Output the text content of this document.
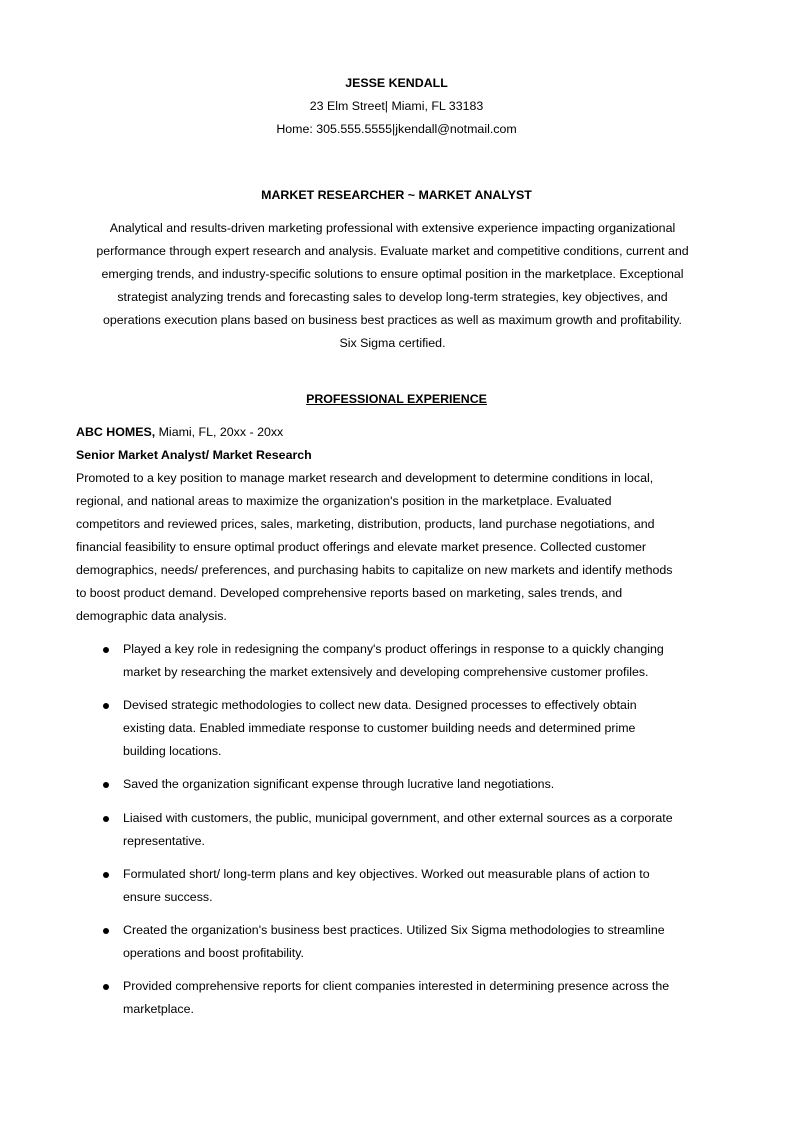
JESSE KENDALL
23 Elm Street| Miami, FL 33183
Home: 305.555.5555|jkendall@notmail.com
MARKET RESEARCHER ~ MARKET ANALYST
Analytical and results-driven marketing professional with extensive experience impacting organizational
performance through expert research and analysis. Evaluate market and competitive conditions, current and
emerging trends, and industry-specific solutions to ensure optimal position in the marketplace. Exceptional
strategist analyzing trends and forecasting sales to develop long-term strategies, key objectives, and
operations execution plans based on business best practices as well as maximum growth and profitability.
Six Sigma certified.
PROFESSIONAL EXPERIENCE
ABC HOMES, Miami, FL, 20xx - 20xx
Senior Market Analyst/ Market Research
Promoted to a key position to manage market research and development to determine conditions in local,
regional, and national areas to maximize the organization's position in the marketplace. Evaluated
competitors and reviewed prices, sales, marketing, distribution, products, land purchase negotiations, and
financial feasibility to ensure optimal product offerings and elevate market presence. Collected customer
demographics, needs/ preferences, and purchasing habits to capitalize on new markets and identify methods
to boost product demand. Developed comprehensive reports based on marketing, sales trends, and
demographic data analysis.
Played a key role in redesigning the company's product offerings in response to a quickly changing
market by researching the market extensively and developing comprehensive customer profiles.
Devised strategic methodologies to collect new data. Designed processes to effectively obtain
existing data. Enabled immediate response to customer building needs and determined prime
building locations.
Saved the organization significant expense through lucrative land negotiations.
Liaised with customers, the public, municipal government, and other external sources as a corporate
representative.
Formulated short/ long-term plans and key objectives. Worked out measurable plans of action to
ensure success.
Created the organization's business best practices. Utilized Six Sigma methodologies to streamline
operations and boost profitability.
Provided comprehensive reports for client companies interested in determining presence across the
marketplace.
